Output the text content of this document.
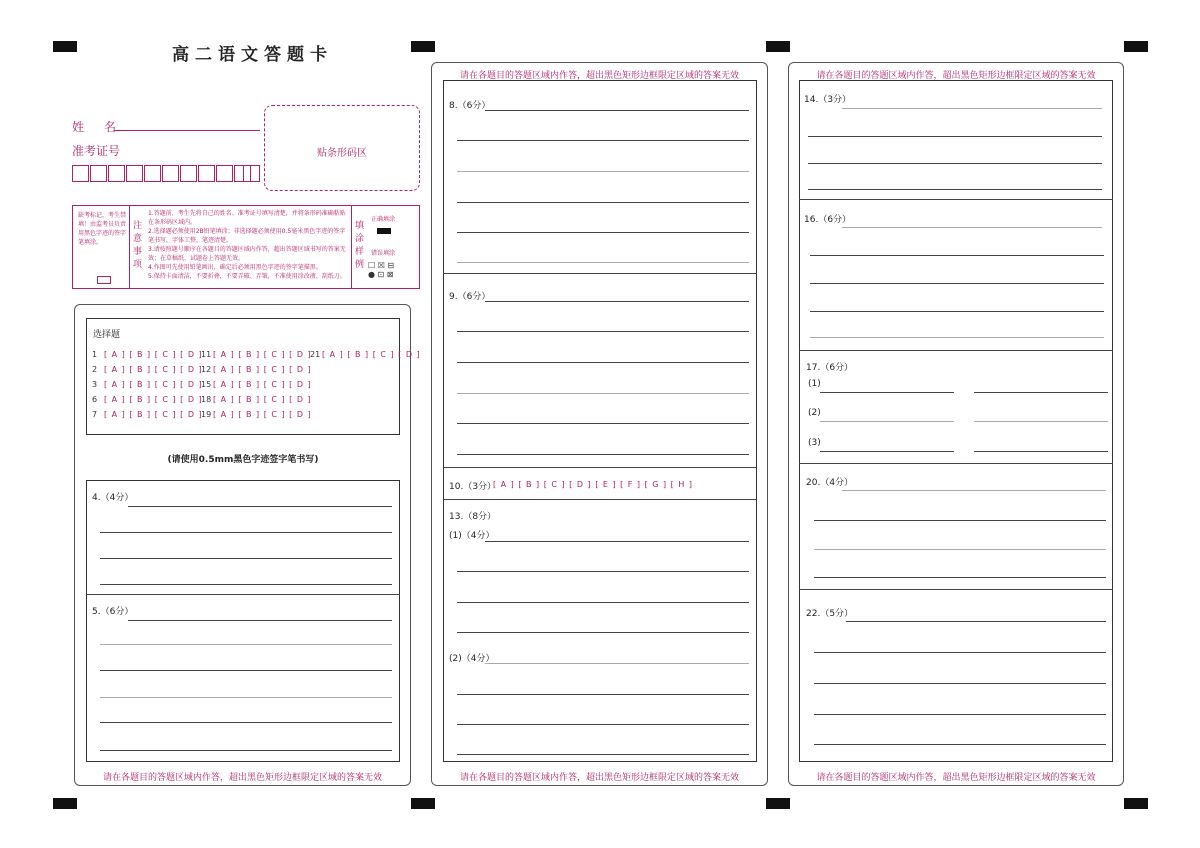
高二语文答题卡
姓　名
准考证号	贴条形码区
缺考标记，考生禁填！由监考员负责用黑色字迹的签字笔填涂。
注意事项
1.答题前，考生先将自己的姓名、准考证号填写清楚，并将条形码准确粘贴在条形码区域内。
2.选择题必须使用2B铅笔填涂；非选择题必须使用0.5毫米黑色字迹的签字笔书写，字体工整，笔迹清楚。
3.请按照题号顺序在各题目的答题区域内作答，超出答题区域书写的答案无效；在草稿纸、试题卷上答题无效。
4.作图可先使用铅笔画出，确定后必须用黑色字迹的签字笔描黑。
5.保持卡面清洁，不要折叠，不要弄破、弄皱，不准使用涂改液、刮纸刀。
填涂样例
正确填涂
错误填涂
☐ ☒ ⊟
● ⊡ ⊠
选择题
1 [ A ] [ B ] [ C ] [ D ]
2 [ A ] [ B ] [ C ] [ D ]
3 [ A ] [ B ] [ C ] [ D ]
6 [ A ] [ B ] [ C ] [ D ]
7 [ A ] [ B ] [ C ] [ D ]
11 [ A ] [ B ] [ C ] [ D ]
12 [ A ] [ B ] [ C ] [ D ]
15 [ A ] [ B ] [ C ] [ D ]
18 [ A ] [ B ] [ C ] [ D ]
19 [ A ] [ B ] [ C ] [ D ]
21 [ A ] [ B ] [ C ] [ D ]
(请使用0.5mm黑色字迹签字笔书写)
4.（4分）
5.（6分）
请在各题目的答题区域内作答，超出黑色矩形边框限定区域的答案无效
请在各题目的答题区域内作答，超出黑色矩形边框限定区域的答案无效
8.（6分）
9.（6分）
10.（3分）
[ A ] [ B ] [ C ] [ D ] [ E ] [ F ] [ G ] [ H ]
13.（8分）
(1)（4分）
(2)（4分）
请在各题目的答题区域内作答，超出黑色矩形边框限定区域的答案无效
请在各题目的答题区域内作答，超出黑色矩形边框限定区域的答案无效
14.（3分）
16.（6分）
17.（6分）
(1)
(2)
(3)
20.（4分）
22.（5分）
请在各题目的答题区域内作答，超出黑色矩形边框限定区域的答案无效
